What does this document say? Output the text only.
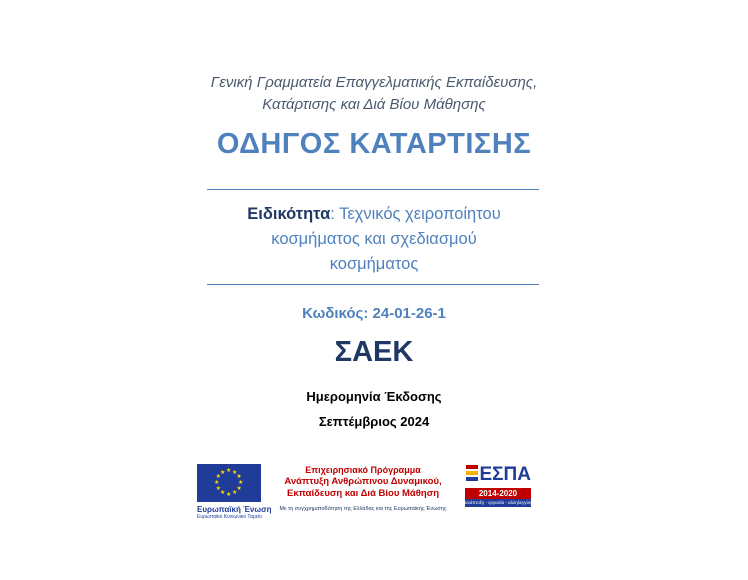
Γενική Γραμματεία Επαγγελματικής Εκπαίδευσης,
Κατάρτισης και Διά Βίου Μάθησης
ΟΔΗΓΟΣ ΚΑΤΑΡΤΙΣΗΣ
Ειδικότητα: Τεχνικός χειροποίητου
κοσμήματος και σχεδιασμού
κοσμήματος
Κωδικός: 24-01-26-1
ΣΑΕΚ
Ημερομηνία Έκδοσης
Σεπτέμβριος 2024
★ ★
★
★
★
★
★
★
★
★
★
★
Ευρωπαϊκή Ένωση
Ευρωπαϊκό Κοινωνικό Ταμείο
Επιχειρησιακό Πρόγραμμα
Ανάπτυξη Ανθρώπινου Δυναμικού,
Εκπαίδευση και Διά Βίου Μάθηση
Με τη συγχρηματοδότηση της Ελλάδας και της Ευρωπαϊκής Ένωσης
ΕΣΠΑ
2014-2020
ανάπτυξη - εργασία - αλληλεγγύη
